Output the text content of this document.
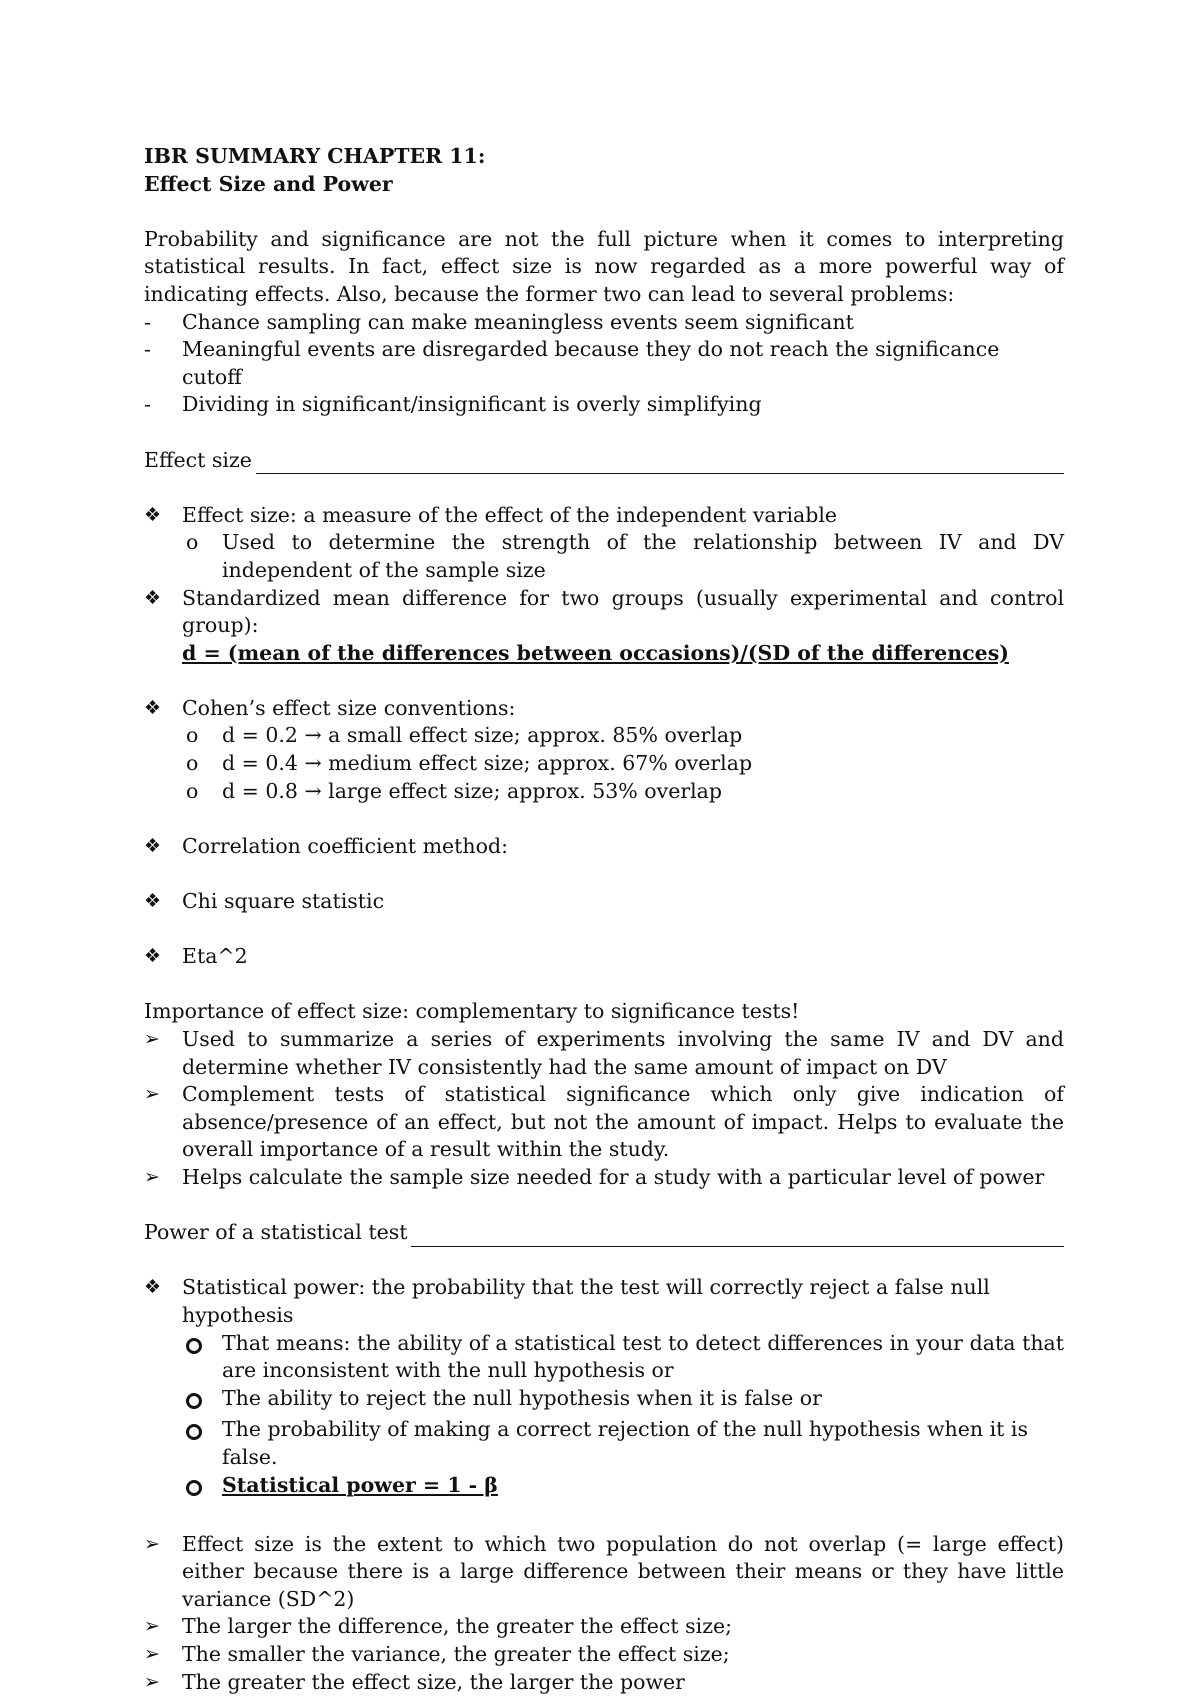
IBR SUMMARY CHAPTER 11:

Effect Size and Power

Probability and significance are not the full picture when it comes to interpreting statistical results. In fact, effect size is now regarded as a more powerful way of indicating effects. Also, because the former two can lead to several problems:

-	Chance sampling can make meaningless events seem significant
-	Meaningful events are disregarded because they do not reach the significance cutoff
-	Dividing in significant/insignificant is overly simplifying
Effect size
❖	Effect size: a measure of the effect of the independent variable
o	Used to determine the strength of the relationship between IV and DV independent of the sample size
❖	Standardized mean difference for two groups (usually experimental and control group):
d = (mean of the differences between occasions)/(SD of the differences)
❖	Cohen’s effect size conventions:
o	d = 0.2 → a small effect size; approx. 85% overlap
o	d = 0.4 → medium effect size; approx. 67% overlap
o	d = 0.8 → large effect size; approx. 53% overlap
❖	Correlation coefficient method:
❖	Chi square statistic
❖	Eta^2

Importance of effect size: complementary to significance tests!

➢	Used to summarize a series of experiments involving the same IV and DV and determine whether IV consistently had the same amount of impact on DV
➢	Complement tests of statistical significance which only give indication of absence/presence of an effect, but not the amount of impact. Helps to evaluate the overall importance of a result within the study.
➢	Helps calculate the sample size needed for a study with a particular level of power
Power of a statistical test
❖	Statistical power: the probability that the test will correctly reject a false null hypothesis
That means: the ability of a statistical test to detect differences in your data that are inconsistent with the null hypothesis or
The ability to reject the null hypothesis when it is false or
The probability of making a correct rejection of the null hypothesis when it is false.
Statistical power = 1 - β
➢	Effect size is the extent to which two population do not overlap (= large effect) either because there is a large difference between their means or they have little variance (SD^2)
➢	The larger the difference, the greater the effect size;
➢	The smaller the variance, the greater the effect size;
➢	The greater the effect size, the larger the power
